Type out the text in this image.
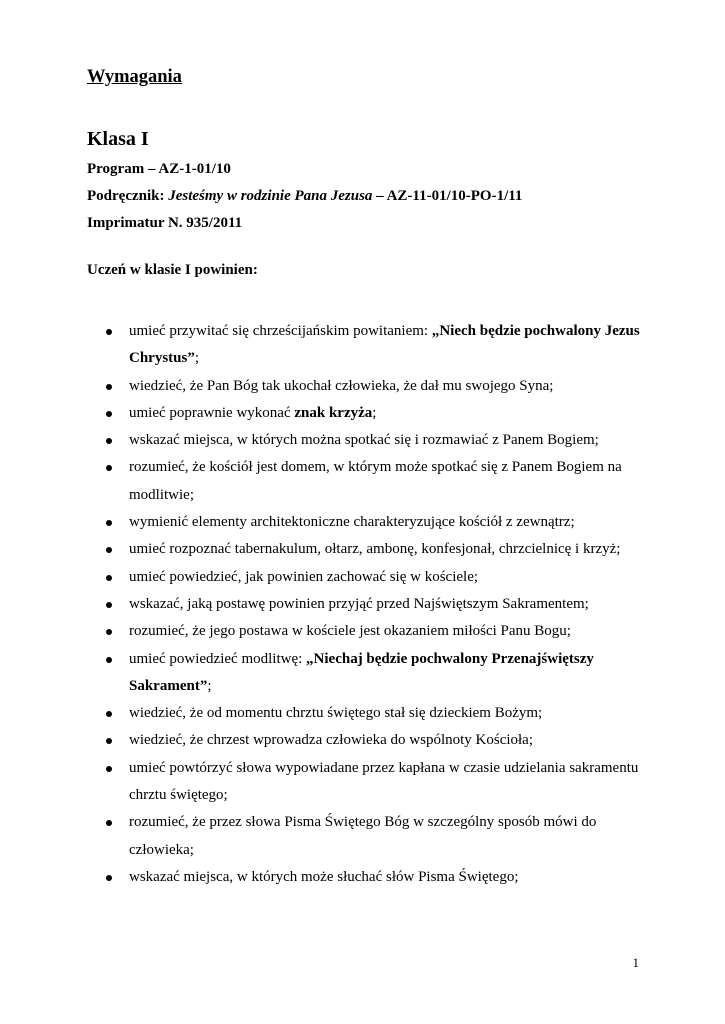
Wymagania
Klasa I

Program – AZ-1-01/10

Podręcznik: Jesteśmy w rodzinie Pana Jezusa – AZ-11-01/10-PO-1/11

Imprimatur N. 935/2011

Uczeń w klasie I powinien:

umieć przywitać się chrześcijańskim powitaniem: „Niech będzie pochwalony Jezus Chrystus”;
wiedzieć, że Pan Bóg tak ukochał człowieka, że dał mu swojego Syna;
umieć poprawnie wykonać znak krzyża;
wskazać miejsca, w których można spotkać się i rozmawiać z Panem Bogiem;
rozumieć, że kościół jest domem, w którym może spotkać się z Panem Bogiem na modlitwie;
wymienić elementy architektoniczne charakteryzujące kościół z zewnątrz;
umieć rozpoznać tabernakulum, ołtarz, ambonę, konfesjonał, chrzcielnicę i krzyż;
umieć powiedzieć, jak powinien zachować się w kościele;
wskazać, jaką postawę powinien przyjąć przed Najświętszym Sakramentem;
rozumieć, że jego postawa w kościele jest okazaniem miłości Panu Bogu;
umieć powiedzieć modlitwę: „Niechaj będzie pochwalony Przenajświętszy Sakrament”;
wiedzieć, że od momentu chrztu świętego stał się dzieckiem Bożym;
wiedzieć, że chrzest wprowadza człowieka do wspólnoty Kościoła;
umieć powtórzyć słowa wypowiadane przez kapłana w czasie udzielania sakramentu chrztu świętego;
rozumieć, że przez słowa Pisma Świętego Bóg w szczególny sposób mówi do człowieka;
wskazać miejsca, w których może słuchać słów Pisma Świętego;

1
